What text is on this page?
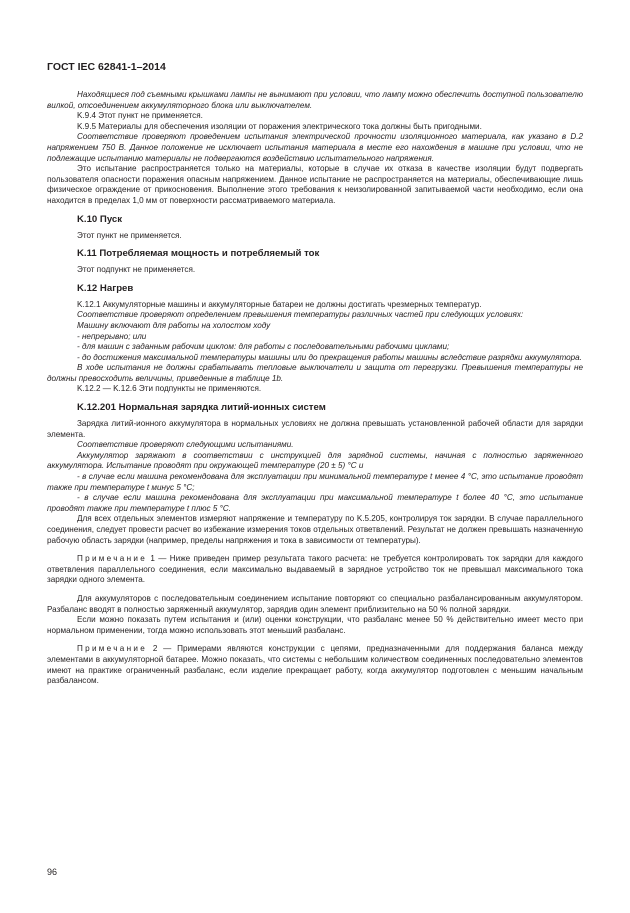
ГОСТ IEC 62841-1–2014

Находящиеся под съемными крышками лампы не вынимают при условии, что лампу можно обеспечить доступной пользователю вилкой, отсоединением аккумуляторного блока или выключателем.

K.9.4 Этот пункт не применяется.

K.9.5 Материалы для обеспечения изоляции от поражения электрического тока должны быть пригодными.

Соответствие проверяют проведением испытания электрической прочности изоляционного материала, как указано в D.2 напряжением 750 В. Данное положение не исключает испытания материала в месте его нахождения в машине при условии, что не подлежащие испытанию материалы не подвергаются воздействию испытательного напряжения.

Это испытание распространяется только на материалы, которые в случае их отказа в качестве изоляции будут подвергать пользователя опасности поражения опасным напряжением. Данное испытание не распространяется на материалы, обеспечивающие лишь физическое ограждение от прикосновения. Выполнение этого требования к неизолированной запитываемой части необходимо, если она находится в пределах 1,0 мм от поверхности рассматриваемого материала.

K.10 Пуск

Этот пункт не применяется.

K.11 Потребляемая мощность и потребляемый ток

Этот подпункт не применяется.

K.12 Нагрев

K.12.1 Аккумуляторные машины и аккумуляторные батареи не должны достигать чрезмерных температур.

Соответствие проверяют определением превышения температуры различных частей при следующих условиях:

Машину включают для работы на холостом ходу

- непрерывно; или

- для машин с заданным рабочим циклом: для работы с последовательными рабочими циклами;

- до достижения максимальной температуры машины или до прекращения работы машины вследствие разрядки аккумулятора.

В ходе испытания не должны срабатывать тепловые выключатели и защита от перегрузки. Превышения температуры не должны превосходить величины, приведенные в таблице 1b.

K.12.2 — K.12.6 Эти подпункты не применяются.

K.12.201 Нормальная зарядка литий-ионных систем

Зарядка литий-ионного аккумулятора в нормальных условиях не должна превышать установленной рабочей области для зарядки элемента.

Соответствие проверяют следующими испытаниями.

Аккумулятор заряжают в соответствии с инструкцией для зарядной системы, начиная с полностью заряженного аккумулятора. Испытание проводят при окружающей температуре (20 ± 5) °С и

- в случае если машина рекомендована для эксплуатации при минимальной температуре t менее 4 °С, это испытание проводят также при температуре t минус 5 °С;

- в случае если машина рекомендована для эксплуатации при максимальной температуре t более 40 °С, это испытание проводят также при температуре t плюс 5 °С.

Для всех отдельных элементов измеряют напряжение и температуру по K.5.205, контролируя ток зарядки. В случае параллельного соединения, следует провести расчет во избежание измерения токов отдельных ответвлений. Результат не должен превышать назначенную рабочую область зарядки (например, пределы напряжения и тока в зависимости от температуры).

Примечание 1 — Ниже приведен пример результата такого расчета: не требуется контролировать ток зарядки для каждого ответвления параллельного соединения, если максимально выдаваемый в зарядное устройство ток не превышал максимального тока зарядки одного элемента.

Для аккумуляторов с последовательным соединением испытание повторяют со специально разбалансированным аккумулятором. Разбаланс вводят в полностью заряженный аккумулятор, зарядив один элемент приблизительно на 50 % полной зарядки.

Если можно показать путем испытания и (или) оценки конструкции, что разбаланс менее 50 % действительно имеет место при нормальном применении, тогда можно использовать этот меньший разбаланс.

Примечание 2 — Примерами являются конструкции с цепями, предназначенными для поддержания баланса между элементами в аккумуляторной батарее. Можно показать, что системы с небольшим количеством соединенных последовательно элементов имеют на практике ограниченный разбаланс, если изделие прекращает работу, когда аккумулятор подготовлен с меньшим начальным разбалансом.

96
